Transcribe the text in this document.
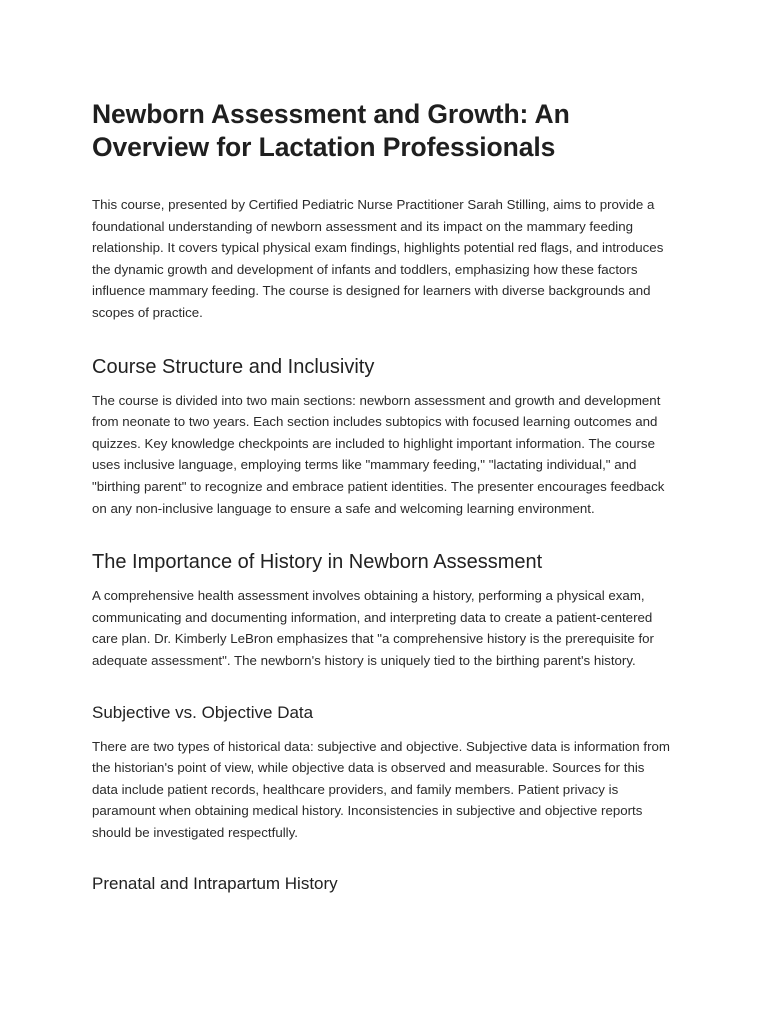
Newborn Assessment and Growth: An Overview for Lactation Professionals

This course, presented by Certified Pediatric Nurse Practitioner Sarah Stilling, aims to provide a foundational understanding of newborn assessment and its impact on the mammary feeding relationship. It covers typical physical exam findings, highlights potential red flags, and introduces the dynamic growth and development of infants and toddlers, emphasizing how these factors influence mammary feeding. The course is designed for learners with diverse backgrounds and scopes of practice.

Course Structure and Inclusivity

The course is divided into two main sections: newborn assessment and growth and development from neonate to two years. Each section includes subtopics with focused learning outcomes and quizzes. Key knowledge checkpoints are included to highlight important information. The course uses inclusive language, employing terms like "mammary feeding," "lactating individual," and "birthing parent" to recognize and embrace patient identities. The presenter encourages feedback on any non-inclusive language to ensure a safe and welcoming learning environment.

The Importance of History in Newborn Assessment

A comprehensive health assessment involves obtaining a history, performing a physical exam, communicating and documenting information, and interpreting data to create a patient-centered care plan. Dr. Kimberly LeBron emphasizes that "a comprehensive history is the prerequisite for adequate assessment". The newborn's history is uniquely tied to the birthing parent's history.

Subjective vs. Objective Data

There are two types of historical data: subjective and objective. Subjective data is information from the historian's point of view, while objective data is observed and measurable. Sources for this data include patient records, healthcare providers, and family members. Patient privacy is paramount when obtaining medical history. Inconsistencies in subjective and objective reports should be investigated respectfully.

Prenatal and Intrapartum History
